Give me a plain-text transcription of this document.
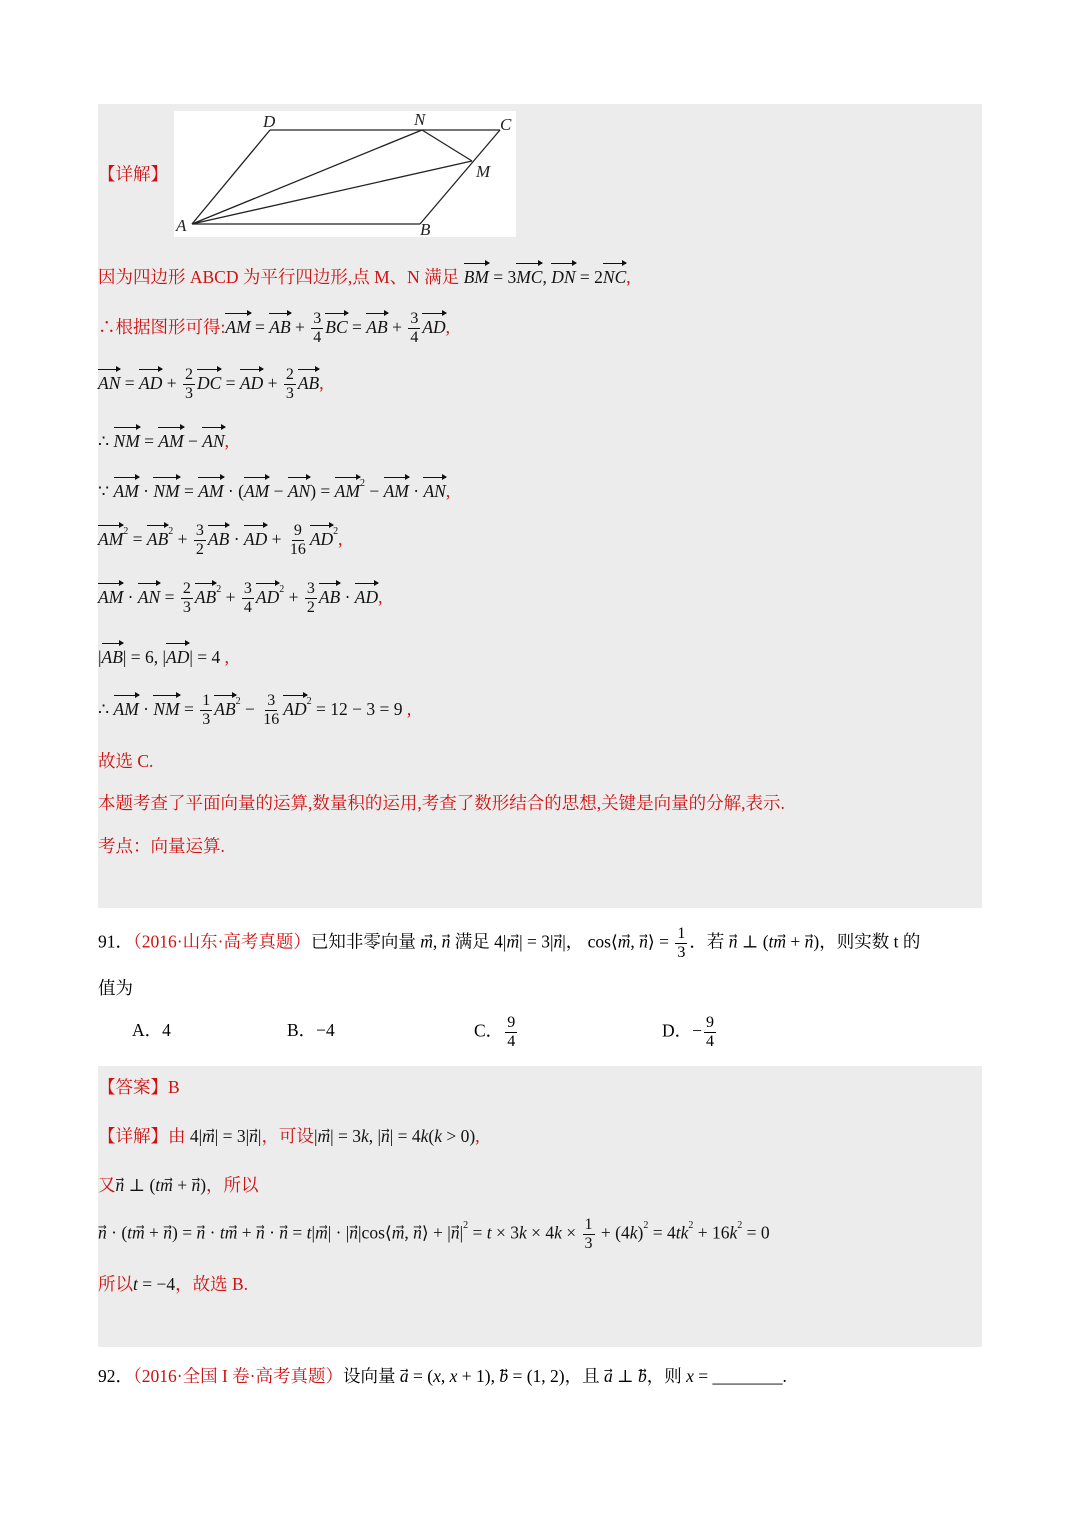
【详解】
D	N	C
M
A	B
因为四边形 ABCD 为平行四边形,点 M、N 满足 BM = 3MC, DN = 2NC,
∴根据图形可得:AM = AB + $\frac{3}{4}$ BC = AB + $\frac{3}{4}$ AD,
AN = AD + $\frac{2}{3}$ DC = AD + $\frac{2}{3}$ AB,
∴ NM = AM − AN,
∵ AM · NM = AM · $(AM - AN) = AM^2$ − AM · AN,
$AM^2 = AB^2 + \frac{3}{2}$ AB · AD + $\frac{9}{16} AD^2$,
AM · AN = $\frac{2}{3} AB^2 + \frac{3}{4} AD^2 + \frac{3}{2}$ AB · AD,
|AB| = 6, |AD| = 4 ,
∴ AM · NM = $\frac{1}{3} AB^2 - \frac{3}{16} AD^2 = 12 - 3 = 9$ ,
故选 C.
本题考查了平面向量的运算,数量积的运用,考查了数形结合的思想,关键是向量的分解,表示.
考点：向量运算.
91．（2016·山东·高考真题）已知非零向量 m⃗, n⃗ 满足 4|m⃗| = 3|n⃗|， cos⟨m⃗, n⃗⟩ = $\frac{1}{3}$ ．若 n⃗ ⊥ (tm⃗ + n⃗)，则实数 t 的
值为
A．4	B．−4	C． $\frac{9}{4}$	D．− $\frac{9}{4}$
【答案】B
【详解】由 4|m⃗| = 3|n⃗|，可设|m⃗| = 3k, |n⃗| = 4k(k > 0),
又n⃗ ⊥ (tm⃗ + n⃗)，所以
n⃗ · (tm⃗ + n⃗) = n⃗ · tm⃗ + n⃗ · n⃗ = t|m⃗| · |n⃗|cos⟨m⃗, n⃗⟩ + $|n⃗|^2 = t \times 3k \times 4k \times \frac{1}{3} + (4k)^2 = 4tk^2 + 16k^2 = 0$
所以t = −4，故选 B.
92．（2016·全国 I 卷·高考真题）设向量 a⃗ = (x, x + 1), b⃗ = (1, 2)，且 a⃗ ⊥ b，则 x = ________.
